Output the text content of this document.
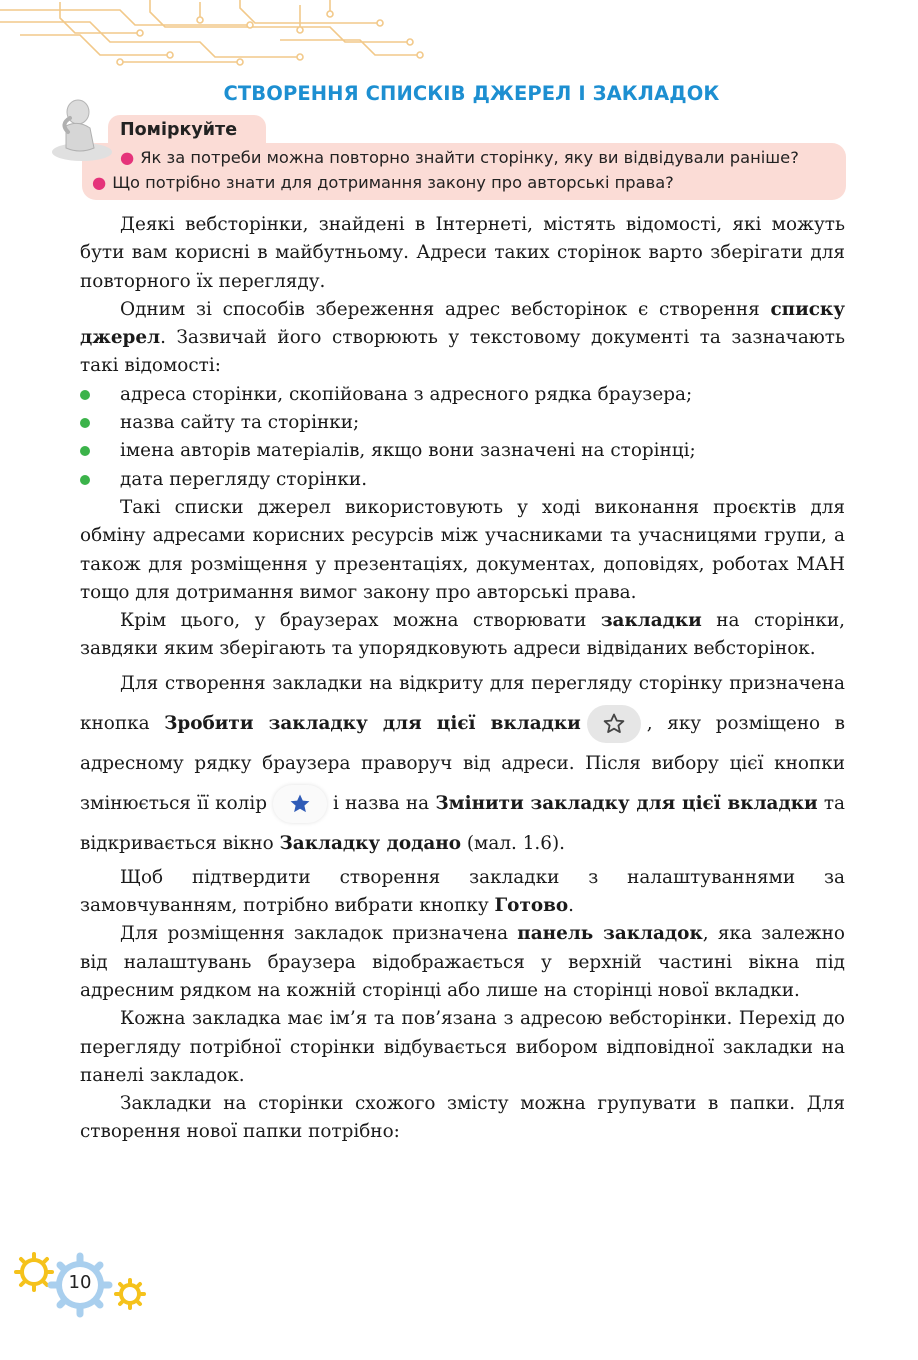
СТВОРЕННЯ СПИСКІВ ДЖЕРЕЛ І ЗАКЛАДОК
Поміркуйте
● Як за потреби можна повторно знайти сторінку, яку ви відвідували раніше?
● Що потрібно знати для дотримання закону про авторські права?

Деякі вебсторінки, знайдені в Інтернеті, містять відомості, які можуть бути вам корисні в майбутньому. Адреси таких сторінок варто зберігати для повторного їх перегляду.

Одним зі способів збереження адрес вебсторінок є створення списку джерел. Зазвичай його створюють у текстовому документі та зазначають такі відомості:

адреса сторінки, скопійована з адресного рядка браузера;
назва сайту та сторінки;
імена авторів матеріалів, якщо вони зазначені на сторінці;
дата перегляду сторінки.

Такі списки джерел використовують у ході виконання проєктів для обміну адресами корисних ресурсів між учасниками та учасницями групи, а також для розміщення у презентаціях, документах, доповідях, роботах МАН тощо для дотримання вимог закону про авторські права.

Крім цього, у браузерах можна створювати закладки на сторінки, завдяки яким зберігають та упорядковують адреси відвіданих вебсторінок.

Для створення закладки на відкриту для перегляду сторінку призначена кнопка Зробити закладку для цієї вкладки	, яку розміщено в адресному рядку браузера праворуч від адреси. Після вибору цієї кнопки змінюється її колір	і назва на Змінити закладку для цієї вкладки та відкривається вікно Закладку додано (мал. 1.6).

Щоб підтвердити створення закладки з налаштуваннями за замовчуванням, потрібно вибрати кнопку Готово.

Для розміщення закладок призначена панель закладок, яка залежно від налаштувань браузера відображається у верхній частині вікна під адресним рядком на кожній сторінці або лише на сторінці нової вкладки.

Кожна закладка має ім’я та пов’язана з адресою вебсторінки. Перехід до перегляду потрібної сторінки відбувається вибором відповідної закладки на панелі закладок.

Закладки на сторінки схожого змісту можна групувати в папки. Для створення нової папки потрібно:

10
